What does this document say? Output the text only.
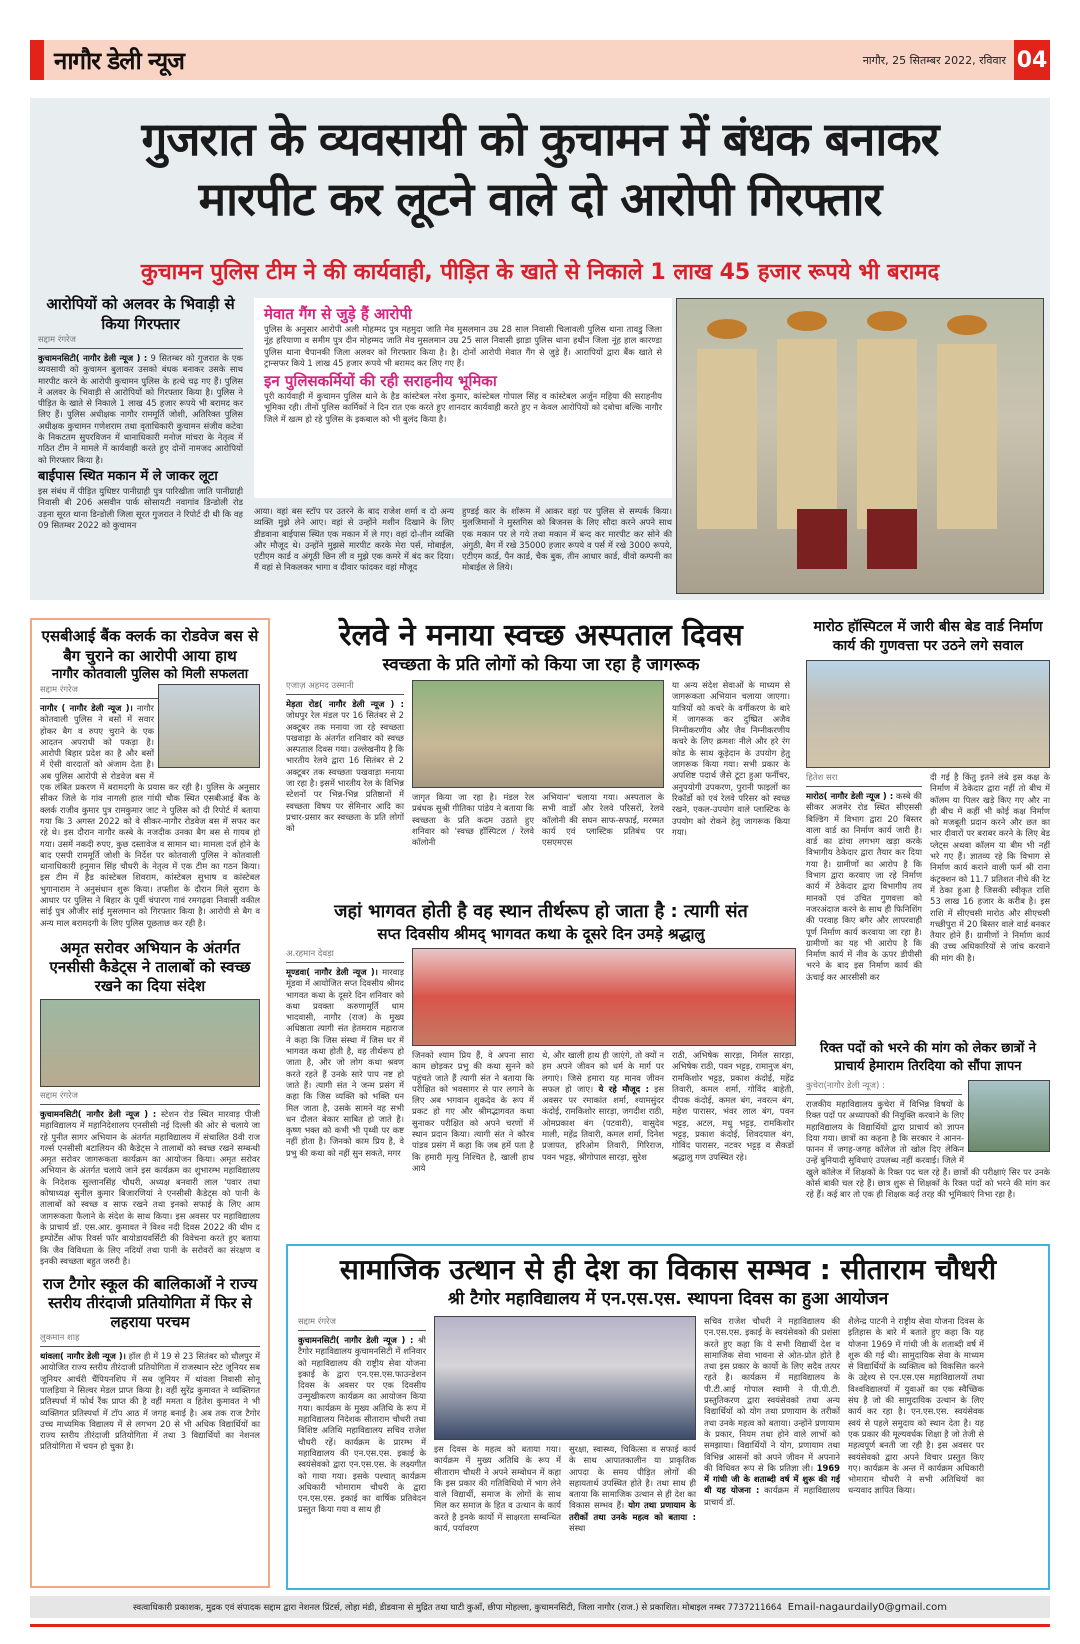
नागौर डेली न्यूज	नागौर, 25 सितम्बर 2022, रविवार 04
गुजरात के व्यवसायी को कुचामन में बंधक बनाकर
मारपीट कर लूटने वाले दो आरोपी गिरफ्तार
कुचामन पुलिस टीम ने की कार्यवाही, पीड़ित के खाते से निकाले 1 लाख 45 हजार रूपये भी बरामद
आरोपियों को अलवर के भिवाड़ी से किया गिरफ्तार
सद्दाम रंगरेज
कुचामनसिटी( नागौर डेली न्यूज ) : 9 सितम्बर को गुजरात के एक व्यवसायी को कुचामन बुलाकर उसको बंधक बनाकर उसके साथ मारपीट करने के आरोपी कुचामन पुलिस के हत्थे चढ़ गए हैं। पुलिस ने अलवर के भिवाड़ी से आरोपियों को गिरफ्तार किया है। पुलिस ने पीड़ित के खाते से निकाले 1 लाख 45 हजार रूपये भी बरामद कर लिए हैं। पुलिस अधीक्षक नागौर राममूर्ति जोशी, अतिरिक्त पुलिस अधीक्षक कुचामन गणेशराम तथा वृताधिकारी कुचामन संजीव कटेवा के निकटतम सुपरविजन में थानाधिकारी मनोज मांचरा के नेतृत्व में गठित टीम ने मामले में कार्यवाही करते हुए दोनों नामजद आरोपियों को गिरफ्तार किया है।
बाईपास स्थित मकान में ले जाकर लूटा
इस संबंध में पीड़ित युधिष्टर पानीग्राही पुत्र पारिखीता जाति पानीग्राही निवासी बी 206 असवीन पार्क सोसायटी नवागांव डिन्डोली रोड उड़ना सूरत थाना डिन्डोली जिला सूरत गुजरात ने रिपोर्ट दी थी कि वह 09 सितम्बर 2022 को कुचामन
मेवात गैंग से जुड़े हैं आरोपी
पुलिस के अनुसार आरोपी अली मोहम्मद पुत्र महमुदा जाति मेव मुसलमान उम्र 28 साल निवासी चिलावली पुलिस थाना तावडु जिला नूंह हरियाणा व समीम पुत्र दीन मोहम्मद जाति मेव मुसलमान उम्र 25 साल निवासी झाडा पुलिस थाना हथीन जिला नूंह हाल कारण्डा पुलिस थाना चैपानकी जिला अलवर को गिरफ्तार किया है। है। दोनों आरोपी मेवात गैंग से जुड़े हैं। आरापियों द्वारा बैंक खाते से ट्रान्सफर किये 1 लाख 45 हजार रूपये भी बरामद कर लिए गए हैं।
इन पुलिसकर्मियों की रही सराहनीय भूमिका
पूरी कार्यवाही में कुचामन पुलिस थाने के हैड कांस्टेबल नरेश कुमार, कांस्टेबल गोपाल सिंह व कांस्टेबल अर्जुन महिया की सराहनीय भूमिका रही। तीनों पुलिस कार्मिकों ने दिन रात एक करते हुए शानदार कार्यवाही करते हुए न केवल आरोपियों को दबोचा बल्कि नागौर जिले में खत्म हो रहे पुलिस के इकबाल को भी बुलंद किया है।
आया। वहां बस स्टॉप पर उतरने के बाद राजेश शर्मा व दो अन्य व्यक्ति मुझे लेने आए। वहां से उन्होंने मशीन दिखाने के लिए डीडवाना बाईपास स्थित एक मकान में ले गए। वहां दो-तीन व्यक्ति और मौजूद थे। उन्होंने मुझसे मारपीट करके मेरा पर्स, मोबाईल, एटीएम कार्ड व अंगूठी छिन ली व मुझे एक कमरे में बंद कर दिया। मैं वहां से निकलकर भागा व दीवार फांदकर वहां मौजूद
हुण्डई कार के शॉरूम में आकर वहां पर पुलिस से सम्पर्क किया। मुलजिमानों ने मुस्तगिस को बिजनस के लिए सौदा करने अपने साथ एक मकान पर ले गये तथा मकान में बन्द कर मारपीट कर सोने की अंगुठी, बैग में रखे 35000 हजार रूपये व पर्स में रखे 3000 रूपये, एटीएम कार्ड, पैन कार्ड, चैक बुक, तीन आधार कार्ड, वीवो कम्पनी का मोबाईल ले लिये।
एसबीआई बैंक क्लर्क का रोडवेज बस से बैग चुराने का आरोपी आया हाथ
नागौर कोतवाली पुलिस को मिली सफलता
सद्दाम रंगरेज
नागौर ( नागौर डेली न्यूज )। नागौर कोतवाली पुलिस ने बसों में सवार होकर बैग व रुपए चुराने के एक आदतन अपराधी को पकड़ा है। आरोपी बिहार प्रदेश का है और बसों में ऐसी वारदातों को अंजाम देता है। अब पुलिस आरोपी से रोडवेज बस में एक लंबित प्रकरण में बरामदगी के प्रयास कर रही है। पुलिस के अनुसार सीकर जिले के गांव नागली हाल गांधी चौक स्थित एसबीआई बैंक के क्लर्क राजीव कुमार पुत्र रामकुमार जाट ने पुलिस को दी रिपोर्ट में बताया गया कि 3 अगस्त 2022 को वे सीकर-नागौर रोडवेज बस में सफर कर रहे थे। इस दौरान नागौर कस्बे के नजदीक उनका बैग बस से गायब हो गया। उसमें नकदी रुपए, कुछ दस्तावेज व सामान था। मामला दर्ज होने के बाद एसपी राममूर्ति जोशी के निर्देश पर कोतवाली पुलिस ने कोतवाली थानाधिकारी हनुमान सिंह चौधरी के नेतृत्व में एक टीम का गठन किया। इस टीम में हैड कांस्टेबल शिवराम, कांस्टेबल सुभाष व कांस्टेबल भुगानाराम ने अनुसंधान शुरू किया। तफ्तीश के दौरान मिले सुराग के आधार पर पुलिस ने बिहार के पूर्वी चंपारण गावं रमगढ़वा निवासी वकील सांई पुत्र औजीर सांई मुसलमान को गिरफ्तार किया है। आरोपी से बैग व अन्य माल बरामदगी के लिए पुलिस पूछताछ कर रही है।
अमृत सरोवर अभियान के अंतर्गत एनसीसी कैडेट्स ने तालाबों को स्वच्छ रखने का दिया संदेश
सद्दाम रंगरेज
कुचामनसिटी( नागौर डेली न्यूज ) : स्टेशन रोड स्थित मारवाड़ पीजी महाविद्यालय में महानिदेशालय एनसीसी नई दिल्ली की ओर से चलाये जा रहे पुनीत सागर अभियान के अंतर्गत महाविद्यालय में संचालित 8वी राज गर्ल्स एनसीसी बटालियन की कैडेट्स ने तालाबों को स्वच्छ रखने सम्बन्धी अमृत सरोवर जागरूकता कार्यक्रम का आयोजन किया। अमृत सरोवर अभियान के अंतर्गत चलाये जाने इस कार्यक्रम का शुभारम्भ महाविद्यालय के निदेशक सुल्तानसिंह चौधरी, अध्यक्ष बनवारी लाल 'पवार तथा कोषाध्यक्ष सुनील कुमार बिजारणियां ने एनसीसी कैडेट्स को पानी के तालाबों को स्वच्छ व साफ रखने तथा इनको सफाई के लिए आम जागरूकता फैलाने के संदेश के साथ किया। इस अवसर पर महाविद्यालय के प्राचार्य डॉ. एस.आर. कुमावत ने विश्व नदी दिवस 2022 की थीम द इम्पोर्टेंस ऑफ रिवर्स फॉर बायोडायवर्सिटी की विवेचना करते हुए बताया कि जैव विविधता के लिए नदियों तथा पानी के सरोवरों का संरक्षण व इनकी स्वच्छता बहुत जरुरी है।
राज टैगोर स्कूल की बालिकाओं ने राज्य स्तरीय तीरंदाजी प्रतियोगिता में फिर से लहराया परचम
लुकमान शाह
थांवला( नागौर डेली न्यूज )। हॉल ही में 19 से 23 सितंबर को धौलपुर में आयोजित राज्य स्तरीय तीरंदाजी प्रतियोगिता में राजस्थान स्टेट जूनियर सब जूनियर आर्चरी चैंपियनशिप में सब जूनियर में थांवला निवासी सोनू पालड़िया ने सिल्वर मेडल प्राप्त किया है। वहीं सुरेंद्र कुमावत ने व्यक्तिगत प्रतिस्पर्धा में फोर्थ रैंक प्राप्त की है वहीं ममता व हितेश कुमावत ने भी व्यक्तिगत प्रतिस्पर्धा में टॉप आठ में जगह बनाई है। अब तक राज टैगोर उच्च माध्यमिक विद्यालय में से लगभग 20 से भी अधिक विद्यार्थियों का राज्य स्तरीय तीरंदाजी प्रतियोगिता में तथा 3 विद्यार्थियों का नेशनल प्रतियोगिता में चयन हो चुका है।
रेलवे ने मनाया स्वच्छ अस्पताल दिवस
स्वच्छता के प्रति लोगों को किया जा रहा है जागरूक
एजाज़ अहमद उस्मानी
मेड़ता रोड( नागौर डेली न्यूज ) : जोधपुर रेल मंडल पर 16 सितंबर से 2 अक्टूबर तक मनाया जा रहे स्वच्छता पखवाड़ा के अंतर्गत शनिवार को स्वच्छ अस्पताल दिवस गया। उल्लेखनीय है कि भारतीय रेलवे द्वारा 16 सितंबर से 2 अक्टूबर तक स्वच्छता पखवाड़ा मनाया जा रहा है। इसमें भारतीय रेल के विभिन्न स्टेशनों पर भिन्न-भिन्न प्रतिष्ठानों में स्वच्छता विषय पर सेमिनार आदि का प्रचार-प्रसार कर स्वच्छता के प्रति लोगों को
जागृत किया जा रहा है। मंडल रेल प्रबंधक सुश्री गीतिका पांडेय ने बताया कि स्वच्छता के प्रति कदम उठाते हुए शनिवार को 'स्वच्छ हॉस्पिटल / रेलवे कॉलोनी
अभियान' चलाया गया। अस्पताल के सभी वार्डों और रेलवे परिसरों, रेलवे कॉलोनी की सघन साफ-सफाई, मरम्मत कार्य एवं प्लास्टिक प्रतिबंध पर एसएमएस
या अन्य संदेश सेवाओं के माध्यम से जागरूकता अभियान चलाया जाएगा। यात्रियों को कचरे के वर्गीकरण के बारे में जागरूक कर दुष्प्रित अजैव निम्नीकरणीय और जैव निम्नीकरणीय कचरे के लिए क्रमशः नीले और हरे रंग कोड के साथ कूड़ेदान के उपयोग हेतु जागरूक किया गया। सभी प्रकार के अपशिष्ट पदार्थ जैसे टूटा हुआ फर्नीचर, अनुपयोगी उपकरण, पुरानी फाइलों का रिकॉर्डो को एवं रेलवे परिसर को स्वच्छ रखने, एकल-उपयोग वाले प्लास्टिक के उपयोग को रोकने हेतु जागरूक किया गया।
जहां भागवत होती है वह स्थान तीर्थरूप हो जाता है : त्यागी संत
सप्त दिवसीय श्रीमद् भागवत कथा के दूसरे दिन उमड़े श्रद्धालु
अ.रहमान देवड़ा
मूण्डवा( नागौर डेली न्यूज )। मारवाड़ मूंडवा में आयोजित सप्त दिवसीय श्रीमद भागवत कथा के दूसरे दिन शनिवार को कथा प्रवक्ता करुणामूर्ति धाम भादवासी, नागौर (राज) के मुख्य अधिष्ठाता त्यागी संत हेतमराम महाराज ने कहा कि जिस संस्था में जिस घर में भागवत कथा होती है, वह तीर्थरूप हो जाता है, और जो लोग कथा श्रवण करते रहते हैं उनके सारे पाप नष्ट हो जाते हैं। त्यागी संत ने जन्म प्रसंग में कहा कि जिस व्यक्ति को भक्ति धन मिल जाता है, उसके सामने वह सभी धन दौलत बेकार साबित हो जाते है। कृष्ण भक्त को कभी भी पृथ्वी पर कष्ट नहीं होता है। जिनको काम प्रिय है, वे प्रभु की कथा को नहीं सुन सकते, मगर
जिनको श्याम प्रिय हैं, वे अपना सारा काम छोड़कर प्रभु की कथा सुनने को पहुंचते जाते हैं त्यागी संत ने बताया कि परीक्षित को भवसागर से पार लगाने के लिए अब भगवान शुकदेव के रूप में प्रकट हो गए और श्रीमद्भागवत कथा सुनाकर परीक्षित को अपने चरणों में स्थान प्रदान किया। त्यागी संत ने कौरव पांडव प्रसंग में कहा कि जब हमें पता है कि हमारी मृत्यु निश्चित है, खाली हाथ आये
थे, और खाली हाथ ही जाएंगे, तो क्यों न हम अपने जीवन को धर्म के मार्ग पर लगाएं। जिसे हमारा यह मानव जीवन सफल हो जाए। ये रहे मौजूद : इस अवसर पर रमाकांत शर्मा, श्यामसुंदर कंदोई, रामकिशोर सारड़ा, जगदीश राठी, ओमप्रकाश बंग (पटवारी), वासुदेव माली, महेंद्र तिवारी, कमल शर्मा, दिनेश प्रजापत, हरिओम तिवारी, गिरिराज, पवन भट्टड़, श्रीगोपाल सारड़ा, सुरेश
राठी, अभिषेक सारड़ा, निर्मल सारड़ा, अभिषेक राठी, पवन भट्टड़, रामानुज बंग, रामकिशोर भट्टड़, प्रकाश कंदोई, महेंद्र तिवारी, कमल शर्मा, गोविंद बाहेती, दीपक कंदोई, कमल बंग, नवरत्न बंग, महेश पारासर, भंवर लाल बंग, पवन भट्टड़, अटल, मधु भट्टड़, रामकिशोर भट्टड़, प्रकाश कंदोई, शिवदयाल बंग, गोविंद पारासर, नटवर भट्टड़ व सैकडों श्रद्धालु गण उपस्थित रहे।
मारोठ हॉस्पिटल में जारी बीस बेड वार्ड निर्माण कार्य की गुणवत्ता पर उठने लगे सवाल
हितेश सरा
मारोठ( नागौर डेली न्यूज ) : कस्बे की सीकर अजमेर रोड स्थित सीएससी बिल्डिंग में विभाग द्वारा 20 बिस्तर वाला वार्ड का निर्माण कार्य जारी है। वार्ड का ढांचा लगभग खड़ा करके विभागीय ठेकेदार द्वारा तैयार कर दिया गया है। ग्रामीणों का आरोप है कि विभाग द्वारा करवाए जा रहे निर्माण कार्य में ठेकेदार द्वारा विभागीय तय मानकों एवं उचित गुणवत्ता को नजरअंदाज करने के साथ ही फिनिशिंग की परवाह किए बगैर और लापरवाही पूर्ण निर्माण कार्य करवाया जा रहा है। ग्रामीणों का यह भी आरोप है कि निर्माण कार्य में नीव के ऊपर डीपीसी भरने के बाद इस निर्माण कार्य की ऊंचाई कर आरसीसी कर
दी गई है किंतु इतने लंबे इस कक्ष के निर्माण में ठेकेदार द्वारा नहीं तो बीच में कॉलम या पिलर खड़े किए गए और ना ही बीच में कहीं भी कोई कक्ष निर्माण को मजबूती प्रदान करने और छत का भार दीवारों पर बराबर करने के लिए बेड प्लेट्स अथवा कॉलम या बीम भी नहीं भरे गए हैं। ज्ञातव्य रहे कि विभाग से निर्माण कार्य कराने वाली फर्म श्री राना कंट्रक्शन को 11.7 प्रतिशत नीचे की रेट में ठेका हुआ है जिसकी स्वीकृत राशि 53 लाख 16 हजार के करीब है। इस राशि में सीएचसी मारोठ और सीएचसी गच्छीपुरा में 20 बिस्तर वाले वार्ड बनकर तैयार होने हैं। ग्रामीणों ने निर्माण कार्य की उच्च अधिकारियों से जांच करवाने की मांग की है।
रिक्त पदों को भरने की मांग को लेकर छात्रों ने प्राचार्य हेमाराम तिरदिया को सौंपा ज्ञापन
कुचेरा(नागौर डेली न्यूज) :
राजकीय महाविद्यालय कुचेरा में विभिन्न विषयों के रिक्त पदों पर अध्यापकों की नियुक्ति करवाने के लिए महाविद्यालय के विद्यार्थियों द्वारा प्राचार्य को ज्ञापन दिया गया। छात्रों का कहना है कि सरकार ने आनन-फानन में जगह-जगह कॉलेज तो खोल दिए लेकिन उन्हें बुनियादी सुविधाएं उपलब्ध नहीं करवाई। जिले में खुले कॉलेज में शिक्षकों के रिक्त पद चल रहे हैं। छात्रों की परीक्षाएं सिर पर उनके कोर्स बाकी चल रहे हैं। छात्र शुरू से शिक्षकों के रिक्त पदों को भरने की मांग कर रहे हैं। कई बार तो एक ही शिक्षक कई तरह की भूमिकाएं निभा रहा है।
सामाजिक उत्थान से ही देश का विकास सम्भव : सीताराम चौधरी
श्री टैगोर महाविद्यालय में एन.एस.एस. स्थापना दिवस का हुआ आयोजन
सद्दाम रंगरेज
कुचामनसिटी( नागौर डेली न्यूज ) : श्री टैगोर महाविद्यालय कुचामनसिटी में शनिवार को महाविद्यालय की राष्ट्रीय सेवा योजना इकाई के द्वारा एन.एस.एस.फाउन्डेशन दिवस के अवसर पर एक दिवसीय उन्मुखीकरण कार्यक्रम का आयोजन किया गया। कार्यक्रम के मुख्य अतिथि के रूप में महाविद्यालय निदेशक सीताराम चौधरी तथा विशिष्ट अतिथि महाविद्यालय सचिव राजेश चौधरी रहें। कार्यक्रम के प्रारम्भ में महाविद्यालय की एन.एस.एस. इकाई के स्वयंसेवको द्वारा एन.एस.एस. के लक्ष्यगीत को गाया गया। इसके पश्चात् कार्यक्रम अधिकारी भोमाराम चौधरी के द्वारा एन.एस.एस. इकाई का वार्षिक प्रतिवेदन प्रस्तुत किया गया व साथ ही
इस दिवस के महत्व को बताया गया। कार्यक्रम में मुख्य अतिथि के रूप में सीताराम चौधरी ने अपने सम्बोधन में कहा कि इस प्रकार की गतिविधियो में भाग लेने वाले विद्यार्थी, समाज के लोगों के साथ मिल कर समाज के हित व उत्थान के कार्य करते है इनके कार्यो में साक्षरता सम्बन्धित कार्य, पर्यावरण
सुरक्षा, स्वास्थ्य, चिकित्सा व सफाई कार्य के साथ आपातकालीन या प्राकृतिक आपदा के समय पीड़ित लोगों की सहायतार्थ उपस्थित होते है। तथा साथ ही बताया कि सामाजिक उत्थान से ही देश का विकास सम्भव हैं। योग तथा प्रणायाम के तरीकों तथा उनके महत्व को बताया : संस्था
सचिव राजेश चौधरी ने महाविद्यालय की एन.एस.एस. इकाई के स्वयंसेवको की प्रशंसा करते हुए कहा कि ये सभी विद्यार्थी देश व सामाजिक सेवा भावना से ओत-प्रोत होते है तथा इस प्रकार के कार्यो के लिए सदैव तत्पर रहते है। कार्यक्रम में महाविद्यालय के पी.टी.आई गोपाल स्वामी ने पी.पी.टी. प्रस्तुतिकरण द्वारा स्वयंसेवको तथा अन्य विद्यार्थियों को योग तथा प्रणायाम के तरीकों तथा उनके महत्व को बताया। उन्होंने प्रणायाम के प्रकार, नियम तथा होने वाले लाभों को समझाया। विद्यार्थियों ने योग, प्रणायाम तथा विभिन्न आसनों को अपने जीवन में अपनाने की विधिवत रूप से कि प्रतिज्ञा ली। 1969 में गांधी जी के शताब्दी वर्ष में शुरू की गई थी यह योजना : कार्यक्रम में महाविद्यालय प्राचार्य डॉ.
शैलेन्द्र पाटनी ने राष्ट्रीय सेवा योजना दिवस के इतिहास के बारे में बताते हुए कहा कि यह योजना 1969 में गांधी जी के शताब्दी वर्ष में शुरू की गई थी। सामुदायिक सेवा के माध्यम से विद्यार्थियों के व्यक्तित्व को विकसित करने के उद्देश्य से एन.एस.एस महाविद्यालयों तथा विश्वविद्यालयों में युवाओं का एक स्वैच्छिक संघ है जो की सामुदायिक उत्थान के लिए कार्य कर रहा है। एन.एस.एस. स्वयंसेवक स्वयं से पहले समुदाय को स्थान देता है। यह एक प्रकार की मूल्यवर्धक शिक्षा है जो तेजी से महत्वपूर्ण बनती जा रही है। इस अवसर पर स्वयंसेवको द्वारा अपने विचार प्रस्तुत किए गए। कार्यक्रम के अन्त में कार्यक्रम अधिकारी भोमाराम चौधरी ने सभी अतिथियों का धन्यवाद ज्ञापित किया।
स्वत्वाधिकारी प्रकाशक, मुद्रक एवं संपादक सद्दाम द्वारा नेशनल प्रिंटर्स, लोहा मंडी, डीडवाना से मुद्रित तथा घाटी कुआँ, छीपा मोहल्ला, कुचामनसिटी, जिला नागौर (राज.) से प्रकाशित। मोबाइल नम्बर 7737211664 Email-nagaurdaily0@gmail.com
